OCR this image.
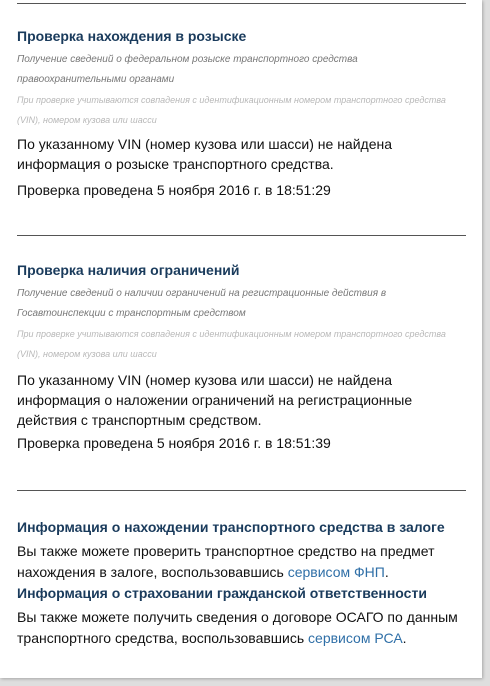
Проверка нахождения в розыске
Получение сведений о федеральном розыске транспортного средства правоохранительными органами
При проверке учитываются совпадения с идентификационным номером транспортного средства (VIN), номером кузова или шасси
По указанному VIN (номер кузова или шасси) не найдена информация о розыске транспортного средства.
Проверка проведена 5 ноября 2016 г. в 18:51:29
Проверка наличия ограничений
Получение сведений о наличии ограничений на регистрационные действия в Госавтоинспекции с транспортным средством
При проверке учитываются совпадения с идентификационным номером транспортного средства (VIN), номером кузова или шасси
По указанному VIN (номер кузова или шасси) не найдена информация о наложении ограничений на регистрационные действия с транспортным средством.
Проверка проведена 5 ноября 2016 г. в 18:51:39
Информация о нахождении транспортного средства в залоге
Вы также можете проверить транспортное средство на предмет нахождения в залоге, воспользовавшись сервисом ФНП.
Информация о страховании гражданской ответственности
Вы также можете получить сведения о договоре ОСАГО по данным транспортного средства, воспользовавшись сервисом РСА.
